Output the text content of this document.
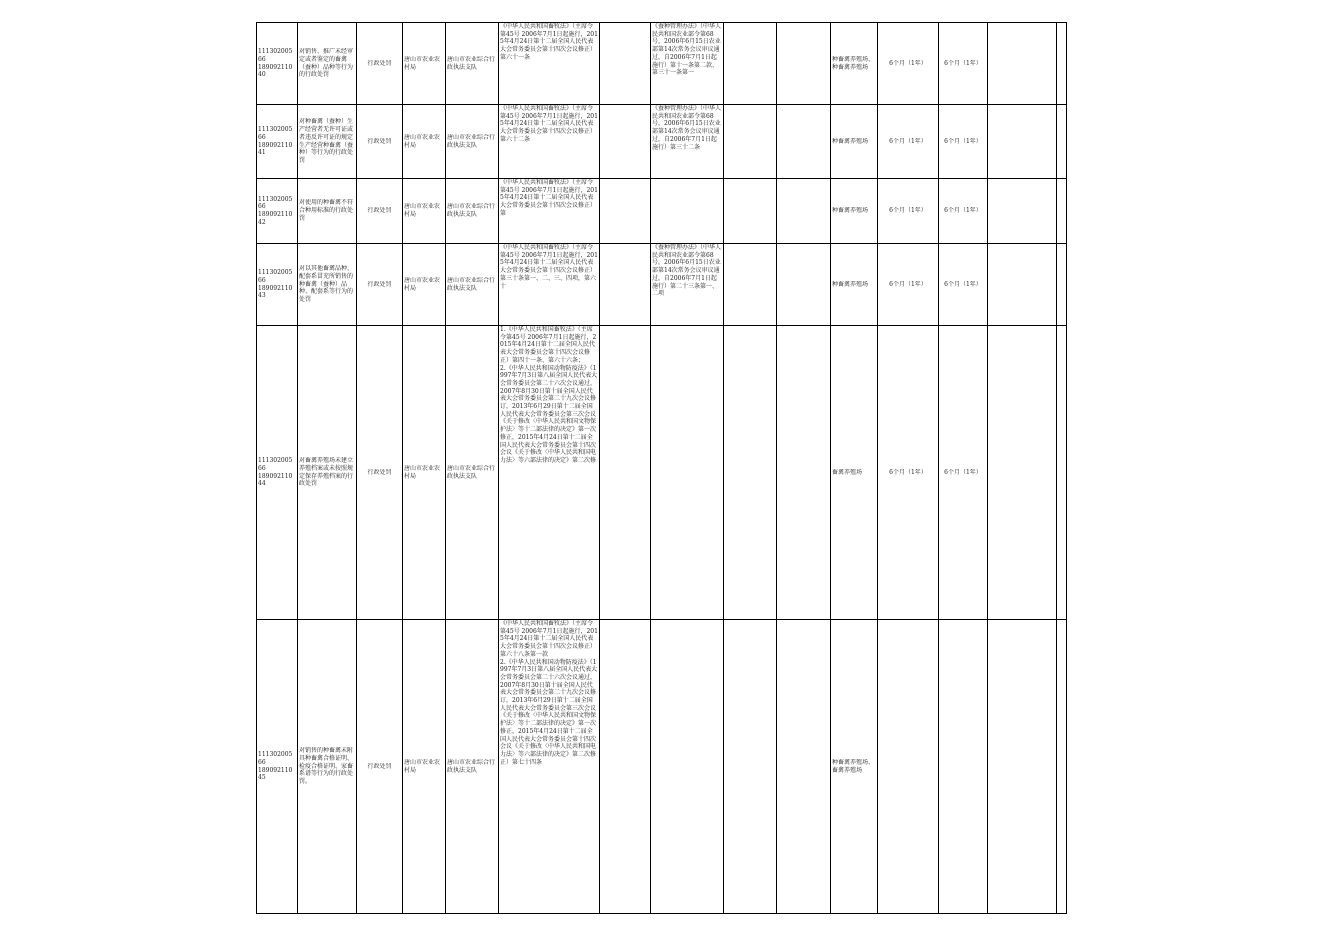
11130200566
18909211040	对销售、推广未经审定或者鉴定的畜禽（蚕种）品种等行为的行政处罚	行政处罚	唐山市农业农村局	唐山市农业综合行政执法支队	《中华人民共和国畜牧法》（主席令第45号 2006年7月1日起施行，2015年4月24日第十二届全国人民代表大会常务委员会第十四次会议修正）第六十一条		《蚕种管理办法》（中华人民共和国农业部令第68号，2006年6月15日农业部第14次常务会议审议通过，自2006年7月1日起施行）第十一条第二款、第三十一条第一			种畜禽养殖场、种畜禽养殖场	6个月（1年）	6个月（1年）		

11130200566
18909211041	对种畜禽（蚕种）生产经营者无许可证或者违反许可证的规定生产经营种畜禽（蚕种）等行为的行政处罚	行政处罚	唐山市农业农村局	唐山市农业综合行政执法支队	《中华人民共和国畜牧法》（主席令第45号 2006年7月1日起施行，2015年4月24日第十二届全国人民代表大会常务委员会第十四次会议修正）第六十二条		《蚕种管理办法》（中华人民共和国农业部令第68号，2006年6月15日农业部第14次常务会议审议通过，自2006年7月1日起施行）第三十二条			种畜禽养殖场	6个月（1年）	6个月（1年）		

11130200566
18909211042	对使用的种畜禽不符合种用标准的行政处罚	行政处罚	唐山市农业农村局	唐山市农业综合行政执法支队	《中华人民共和国畜牧法》（主席令第45号 2006年7月1日起施行，2015年4月24日第十二届全国人民代表大会常务委员会第十四次会议修正）第					种畜禽养殖场	6个月（1年）	6个月（1年）		

11130200566
18909211043	对以其他畜禽品种、配套系冒充所销售的种畜禽（蚕种）品种、配套系等行为的处罚	行政处罚	唐山市农业农村局	唐山市农业综合行政执法支队	《中华人民共和国畜牧法》（主席令第45号 2006年7月1日起施行，2015年4月24日第十二届全国人民代表大会常务委员会第十四次会议修正）第三十条第一、二、三、四项，第六十		《蚕种管理办法》（中华人民共和国农业部令第68号，2006年6月15日农业部第14次常务会议审议通过，自2006年7月1日起施行）第二十三条第一、二项			种畜禽养殖场	6个月（1年）	6个月（1年）		

11130200566
18909211044	对畜禽养殖场未建立养殖档案或未按照规定保存养殖档案的行政处罚	行政处罚	唐山市农业农村局	唐山市农业综合行政执法支队	1.《中华人民共和国畜牧法》（主席令第45号 2006年7月1日起施行，2015年4月24日第十二届全国人民代表大会常务委员会第十四次会议修正）第四十一条、第六十六条；
2.《中华人民共和国动物防疫法》（1997年7月3日第八届全国人民代表大会常务委员会第二十六次会议通过，2007年8月30日第十届全国人民代表大会常务委员会第二十九次会议修订，2013年6月29日第十二届全国人民代表大会常务委员会第三次会议《关于修改〈中华人民共和国文物保护法〉等十二部法律的决定》第一次修正，2015年4月24日第十二届全国人民代表大会常务委员会第十四次会议《关于修改〈中华人民共和国电力法〉等六部法律的决定》第二次修					畜禽养殖场	6个月（1年）	6个月（1年）		

11130200566
18909211045	对销售的种畜禽未附具种畜禽合格证明、检疫合格证明、家畜系谱等行为的行政处罚。	行政处罚	唐山市农业农村局	唐山市农业综合行政执法支队	《中华人民共和国畜牧法》（主席令第45号 2006年7月1日起施行，2015年4月24日第十二届全国人民代表大会常务委员会第十四次会议修正）第六十八条第一款
2.《中华人民共和国动物防疫法》（1997年7月3日第八届全国人民代表大会常务委员会第二十六次会议通过，2007年8月30日第十届全国人民代表大会常务委员会第二十九次会议修订，2013年6月29日第十二届全国人民代表大会常务委员会第三次会议《关于修改〈中华人民共和国文物保护法〉等十二部法律的决定》第一次修正，2015年4月24日第十二届全国人民代表大会常务委员会第十四次会议《关于修改〈中华人民共和国电力法〉等六部法律的决定》第二次修正）第七十四条					种畜禽养殖场、畜禽养殖场				
